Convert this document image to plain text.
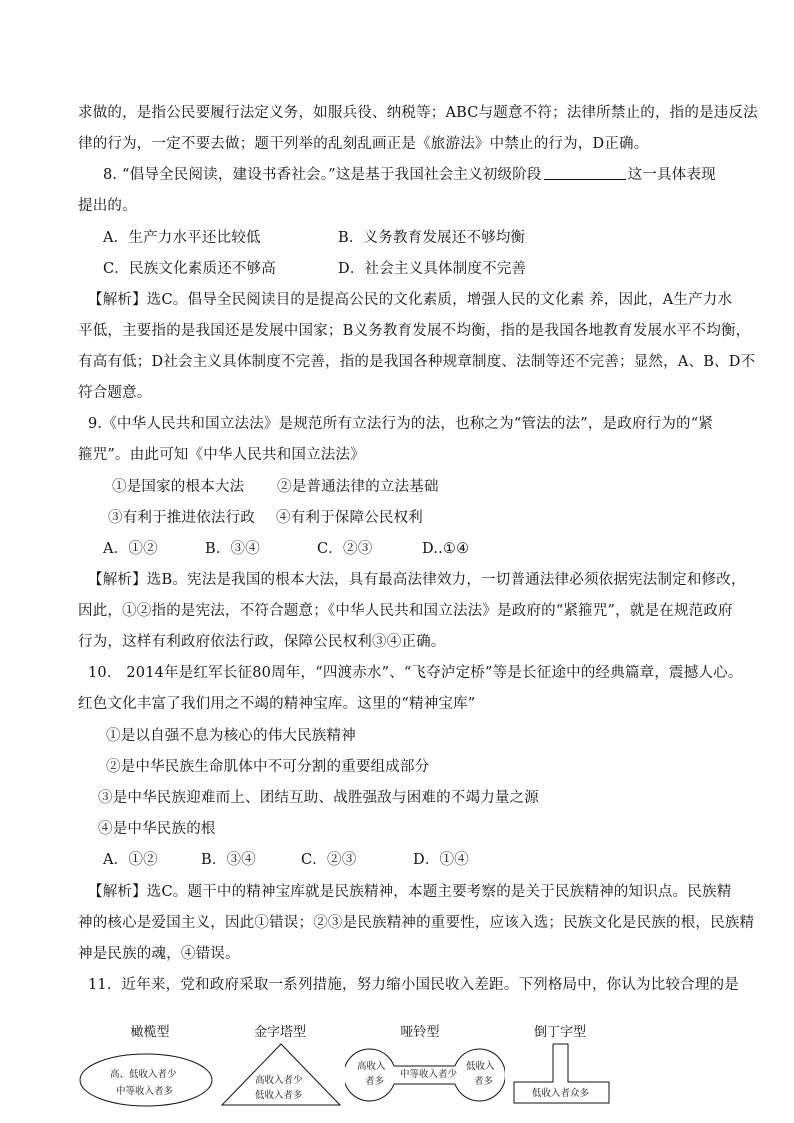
求做的，是指公民要履行法定义务，如服兵役、纳税等；ABC与题意不符；法律所禁止的，指的是违反法
律的行为，一定不要去做；题干列举的乱刻乱画正是《旅游法》中禁止的行为，D正确。
8. “倡导全民阅读，建设书香社会。”这是基于我国社会主义初级阶段	这一具体表现
提出的。
A．生产力水平还比较低	B．义务教育发展还不够均衡
C．民族文化素质还不够高	D．社会主义具体制度不完善
【解析】选C。倡导全民阅读目的是提高公民的文化素质，增强人民的文化素 养，因此，A生产力水
平低，主要指的是我国还是发展中国家；B义务教育发展不均衡，指的是我国各地教育发展水平不均衡，
有高有低；D社会主义具体制度不完善，指的是我国各种规章制度、法制等还不完善；显然，A、B、D不
符合题意。
9.《中华人民共和国立法法》是规范所有立法行为的法，也称之为“管法的法”，是政府行为的“紧
箍咒”。由此可知《中华人民共和国立法法》
①是国家的根本大法 ②是普通法律的立法基础
③有利于推进依法行政 ④有利于保障公民权利
A．①②	B．③④	C．②③	D..①④
【解析】选B。宪法是我国的根本大法，具有最高法律效力，一切普通法律必须依据宪法制定和修改，
因此，①②指的是宪法，不符合题意；《中华人民共和国立法法》是政府的“紧箍咒”，就是在规范政府
行为，这样有利政府依法行政，保障公民权利③④正确。
10． 2014年是红军长征80周年，“四渡赤水”、“飞夺泸定桥”等是长征途中的经典篇章，震撼人心。
红色文化丰富了我们用之不竭的精神宝库。这里的“精神宝库”
①是以自强不息为核心的伟大民族精神
②是中华民族生命肌体中不可分割的重要组成部分
③是中华民族迎难而上、团结互助、战胜强敌与困难的不竭力量之源
④是中华民族的根
A．①②	B．③④	C．②③	D．①④
【解析】选C。题干中的精神宝库就是民族精神，本题主要考察的是关于民族精神的知识点。民族精
神的核心是爱国主义，因此①错误；②③是民族精神的重要性，应该入选；民族文化是民族的根，民族精
神是民族的魂，④错误。
11．近年来，党和政府采取一系列措施，努力缩小国民收入差距。下列格局中，你认为比较合理的是
橄榄型
高、低收入者少
中等收入者多
金字塔型
高收入者少
低收入者多
哑铃型
高收入
者多
中等收入者少
低收入
者多
倒丁字型
低收入者众多
